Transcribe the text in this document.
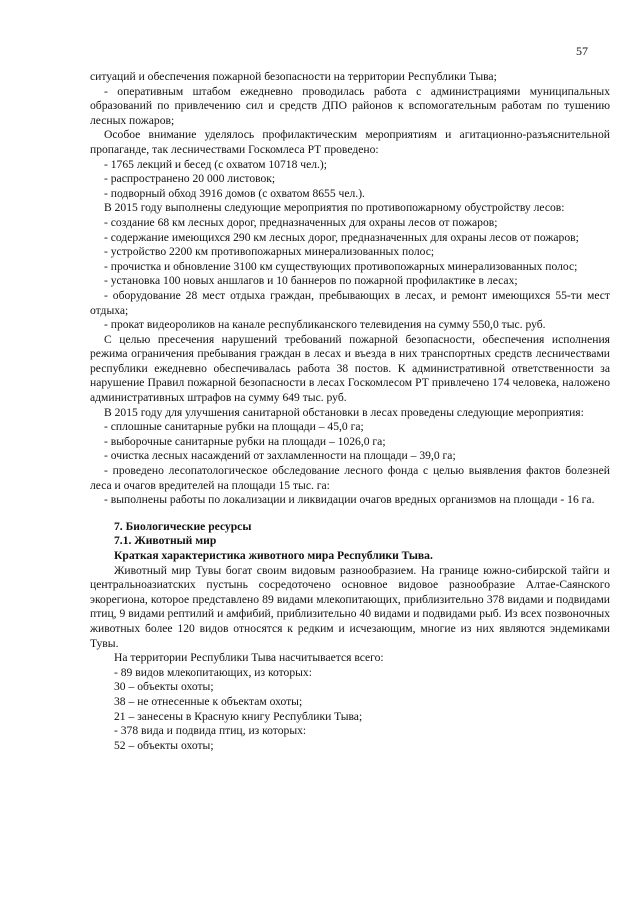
57

ситуаций и обеспечения пожарной безопасности на территории Республики Тыва;

- оперативным штабом ежедневно проводилась работа с администрациями муниципальных образований по привлечению сил и средств ДПО районов к вспомогательным работам по тушению лесных пожаров;

Особое внимание уделялось профилактическим мероприятиям и агитационно-разъяснительной пропаганде, так лесничествами Госкомлеса РТ проведено:

- 1765 лекций и бесед (с охватом 10718 чел.);

- распространено 20 000 листовок;

- подворный обход 3916 домов (с охватом 8655 чел.).

В 2015 году выполнены следующие мероприятия по противопожарному обустройству лесов:

- создание 68 км лесных дорог, предназначенных для охраны лесов от пожаров;

- содержание имеющихся 290 км лесных дорог, предназначенных для охраны лесов от пожаров;

- устройство 2200 км противопожарных минерализованных полос;

- прочистка и обновление 3100 км существующих противопожарных минерализованных полос;

- установка 100 новых аншлагов и 10 баннеров по пожарной профилактике в лесах;

- оборудование 28 мест отдыха граждан, пребывающих в лесах, и ремонт имеющихся 55-ти мест отдыха;

- прокат видеороликов на канале республиканского телевидения на сумму 550,0 тыс. руб.

С целью пресечения нарушений требований пожарной безопасности, обеспечения исполнения режима ограничения пребывания граждан в лесах и въезда в них транспортных средств лесничествами республики ежедневно обеспечивалась работа 38 постов. К административной ответственности за нарушение Правил пожарной безопасности в лесах Госкомлесом РТ привлечено 174 человека, наложено административных штрафов на сумму 649 тыс. руб.

В 2015 году для улучшения санитарной обстановки в лесах проведены следующие мероприятия:

- сплошные санитарные рубки на площади – 45,0 га;

- выборочные санитарные рубки на площади – 1026,0 га;

- очистка лесных насаждений от захламленности на площади – 39,0 га;

- проведено лесопатологическое обследование лесного фонда с целью выявления фактов болезней леса и очагов вредителей на площади 15 тыс. га:

- выполнены работы по локализации и ликвидации очагов вредных организмов на площади - 16 га.

7. Биологические ресурсы

7.1. Животный мир

Краткая характеристика животного мира Республики Тыва.

Животный мир Тувы богат своим видовым разнообразием. На границе южно-сибирской тайги и центральноазиатских пустынь сосредоточено основное видовое разнообразие Алтае-Саянского экорегиона, которое представлено 89 видами млекопитающих, приблизительно 378 видами и подвидами птиц, 9 видами рептилий и амфибий, приблизительно 40 видами и подвидами рыб. Из всех позвоночных животных более 120 видов относятся к редким и исчезающим, многие из них являются эндемиками Тувы.

На территории Республики Тыва насчитывается всего:

- 89 видов млекопитающих, из которых:

30 – объекты охоты;

38 – не отнесенные к объектам охоты;

21 – занесены в Красную книгу Республики Тыва;

- 378 вида и подвида птиц, из которых:

52 – объекты охоты;
